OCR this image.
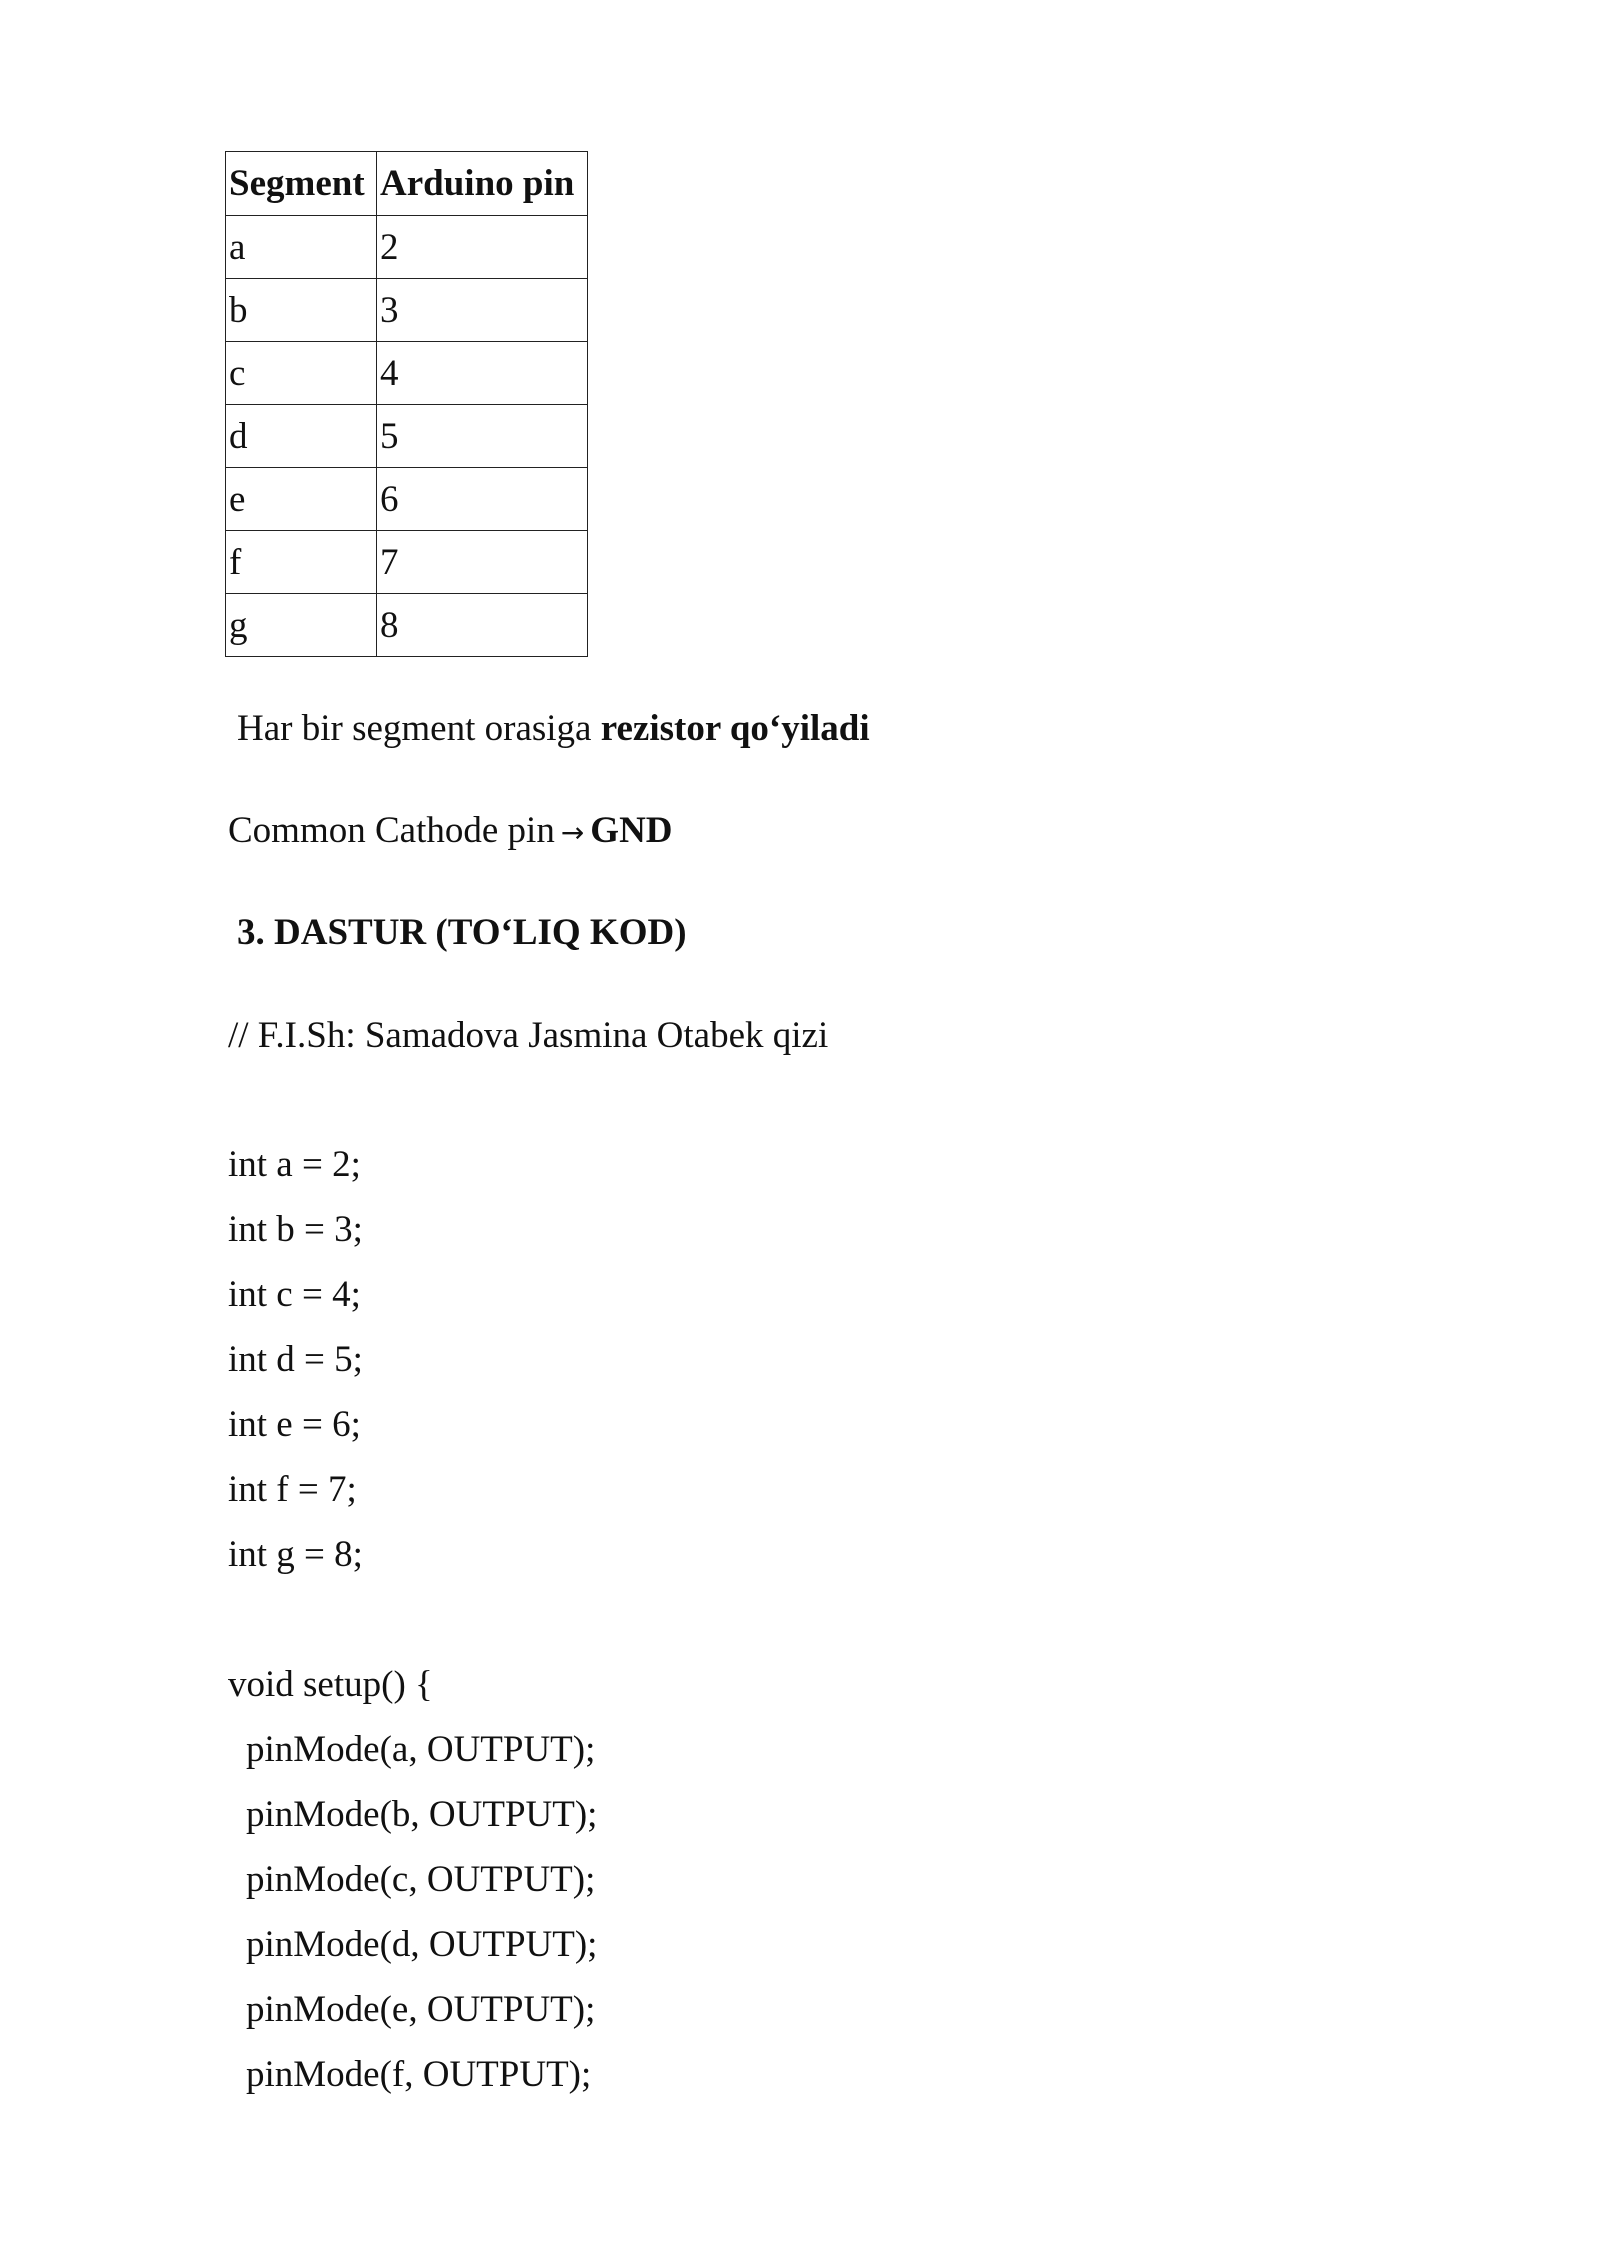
Segment	Arduino pin
a	2
b	3
c	4
d	5
e	6
f	7
g	8
Har bir segment orasiga rezistor qo‘yiladi
Common Cathode pin → GND
3. DASTUR (TO‘LIQ KOD)
// F.I.Sh: Samadova Jasmina Otabek qizi
int a = 2;
int b = 3;
int c = 4;
int d = 5;
int e = 6;
int f = 7;
int g = 8;
void setup() {
pinMode(a, OUTPUT);
pinMode(b, OUTPUT);
pinMode(c, OUTPUT);
pinMode(d, OUTPUT);
pinMode(e, OUTPUT);
pinMode(f, OUTPUT);
